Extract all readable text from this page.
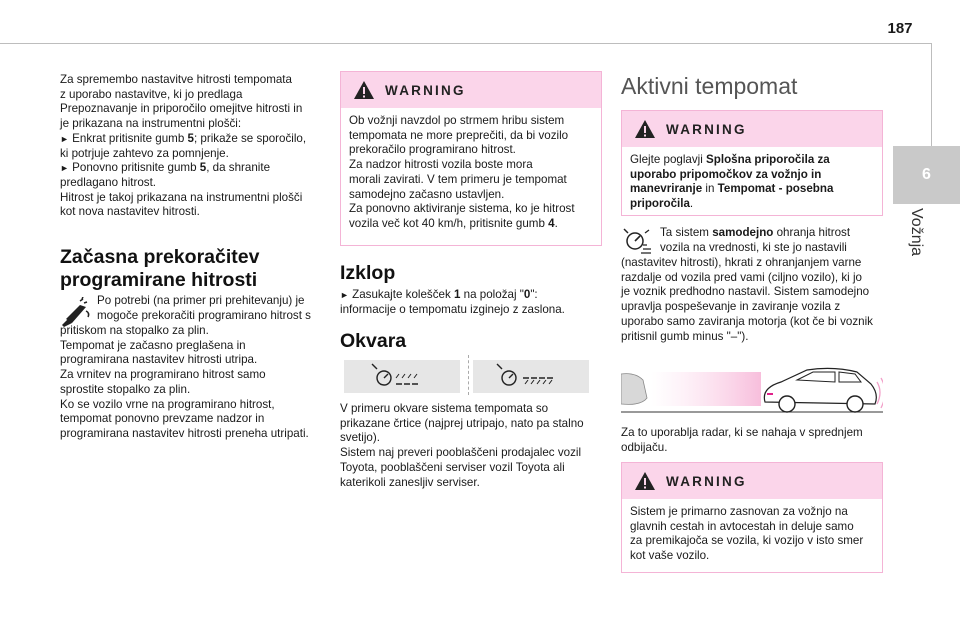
187
6
Vožnja
Za spremembo nastavitve hitrosti tempomata
z uporabo nastavitve, ki jo predlaga
Prepoznavanje in priporočilo omejitve hitrosti in
je prikazana na instrumentni plošči:
► Enkrat pritisnite gumb 5; prikaže se sporočilo,
ki potrjuje zahtevo za pomnjenje.
► Ponovno pritisnite gumb 5, da shranite
predlagano hitrost.
Hitrost je takoj prikazana na instrumentni plošči
kot nova nastavitev hitrosti.
Začasna prekoračitev
programirane hitrosti
Po potrebi (na primer pri prehitevanju) je
mogoče prekoračiti programirano hitrost s
pritiskom na stopalko za plin.
Tempomat je začasno preglašena in
programirana nastavitev hitrosti utripa.
Za vrnitev na programirano hitrost samo
sprostite stopalko za plin.
Ko se vozilo vrne na programirano hitrost,
tempomat ponovno prevzame nadzor in
programirana nastavitev hitrosti preneha utripati.
WARNING
Ob vožnji navzdol po strmem hribu sistem
tempomata ne more preprečiti, da bi vozilo
prekoračilo programirano hitrost.
Za nadzor hitrosti vozila boste mora
morali zavirati. V tem primeru je tempomat
samodejno začasno ustavljen.
Za ponovno aktiviranje sistema, ko je hitrost
vozila več kot 40 km/h, pritisnite gumb 4.
Izklop
► Zasukajte kolešček 1 na položaj "0":
informacije o tempomatu izginejo z zaslona.
Okvara
V primeru okvare sistema tempomata so
prikazane črtice (najprej utripajo, nato pa stalno
svetijo).
Sistem naj preveri pooblaščeni prodajalec vozil
Toyota, pooblaščeni serviser vozil Toyota ali
katerikoli zanesljiv serviser.
Aktivni tempomat
WARNING
Glejte poglavji Splošna priporočila za
uporabo pripomočkov za vožnjo in
manevriranje in Tempomat - posebna
priporočila.
Ta sistem samodejno ohranja hitrost
vozila na vrednosti, ki ste jo nastavili
(nastavitev hitrosti), hkrati z ohranjanjem varne
razdalje od vozila pred vami (ciljno vozilo), ki jo
je voznik predhodno nastavil. Sistem samodejno
upravlja pospeševanje in zaviranje vozila z
uporabo samo zaviranja motorja (kot če bi voznik
pritisnil gumb minus "–").
Za to uporablja radar, ki se nahaja v sprednjem
odbijaču.
WARNING
Sistem je primarno zasnovan za vožnjo na
glavnih cestah in avtocestah in deluje samo
za premikajoča se vozila, ki vozijo v isto smer
kot vaše vozilo.
